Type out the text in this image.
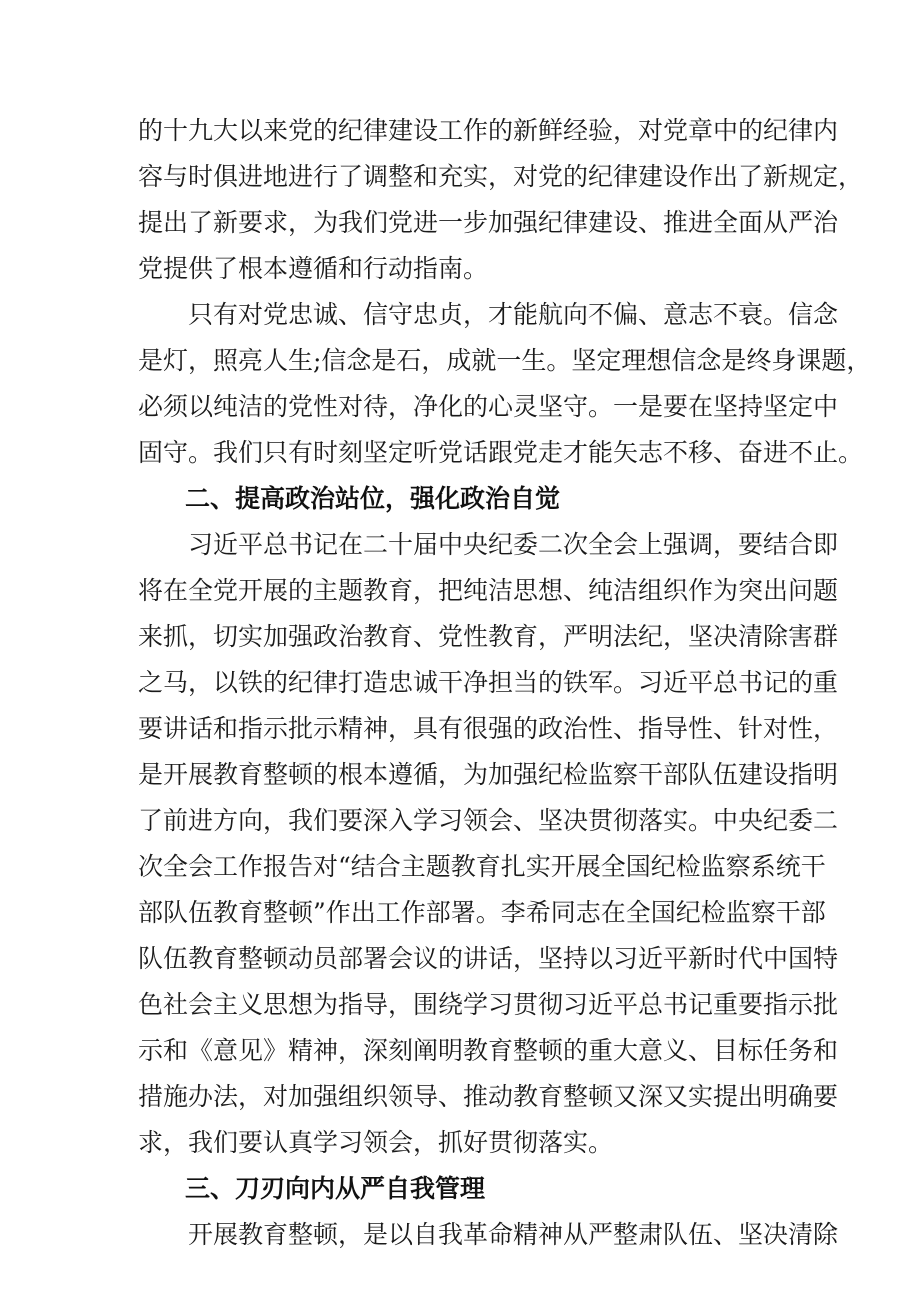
的十九大以来党的纪律建设工作的新鲜经验，对党章中的纪律内
容与时俱进地进行了调整和充实，对党的纪律建设作出了新规定，
提出了新要求，为我们党进一步加强纪律建设、推进全面从严治
党提供了根本遵循和行动指南。
只有对党忠诚、信守忠贞，才能航向不偏、意志不衰。信念
是灯，照亮人生;信念是石，成就一生。坚定理想信念是终身课题，
必须以纯洁的党性对待，净化的心灵坚守。一是要在坚持坚定中
固守。我们只有时刻坚定听党话跟党走才能矢志不移、奋进不止。
二、提高政治站位，强化政治自觉
习近平总书记在二十届中央纪委二次全会上强调，要结合即
将在全党开展的主题教育，把纯洁思想、纯洁组织作为突出问题
来抓，切实加强政治教育、党性教育，严明法纪，坚决清除害群
之马，以铁的纪律打造忠诚干净担当的铁军。习近平总书记的重
要讲话和指示批示精神，具有很强的政治性、指导性、针对性，
是开展教育整顿的根本遵循，为加强纪检监察干部队伍建设指明
了前进方向，我们要深入学习领会、坚决贯彻落实。中央纪委二
次全会工作报告对“结合主题教育扎实开展全国纪检监察系统干
部队伍教育整顿”作出工作部署。李希同志在全国纪检监察干部
队伍教育整顿动员部署会议的讲话，坚持以习近平新时代中国特
色社会主义思想为指导，围绕学习贯彻习近平总书记重要指示批
示和《意见》精神，深刻阐明教育整顿的重大意义、目标任务和
措施办法，对加强组织领导、推动教育整顿又深又实提出明确要
求，我们要认真学习领会，抓好贯彻落实。
三、刀刃向内从严自我管理
开展教育整顿，是以自我革命精神从严整肃队伍、坚决清除
